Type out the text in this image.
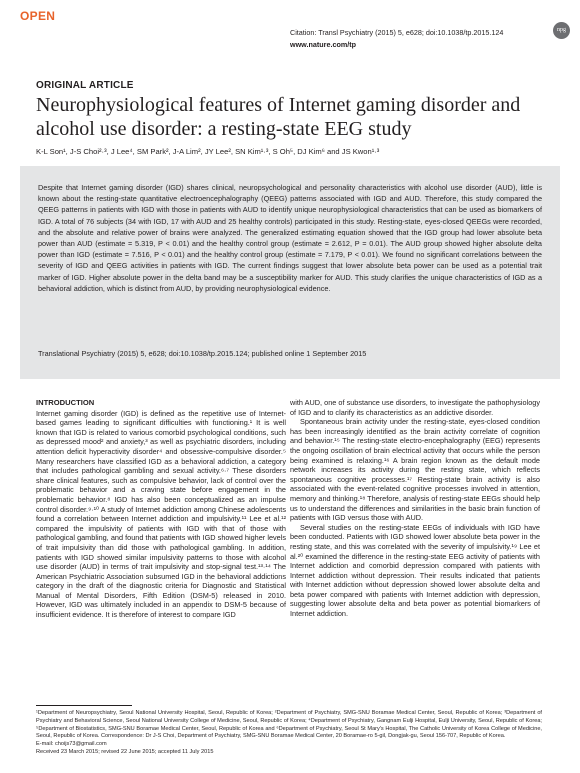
OPEN
Citation: Transl Psychiatry (2015) 5, e628; doi:10.1038/tp.2015.124
www.nature.com/tp
npg
ORIGINAL ARTICLE
Neurophysiological features of Internet gaming disorder and alcohol use disorder: a resting-state EEG study
K-L Son¹, J-S Choi²·³, J Lee⁴, SM Park², J-A Lim², JY Lee², SN Kim¹·³, S Oh⁵, DJ Kim⁶ and JS Kwon¹·³
Despite that Internet gaming disorder (IGD) shares clinical, neuropsychological and personality characteristics with alcohol use disorder (AUD), little is known about the resting-state quantitative electroencephalography (QEEG) patterns associated with IGD and AUD. Therefore, this study compared the QEEG patterns in patients with IGD with those in patients with AUD to identify unique neurophysiological characteristics that can be used as biomarkers of IGD. A total of 76 subjects (34 with IGD, 17 with AUD and 25 healthy controls) participated in this study. Resting-state, eyes-closed QEEGs were recorded, and the absolute and relative power of brains were analyzed. The generalized estimating equation showed that the IGD group had lower absolute beta power than AUD (estimate = 5.319, P < 0.01) and the healthy control group (estimate = 2.612, P = 0.01). The AUD group showed higher absolute delta power than IGD (estimate = 7.516, P < 0.01) and the healthy control group (estimate = 7.179, P < 0.01). We found no significant correlations between the severity of IGD and QEEG activities in patients with IGD. The current findings suggest that lower absolute beta power can be used as a potential trait marker of IGD. Higher absolute power in the delta band may be a susceptibility marker for AUD. This study clarifies the unique characteristics of IGD as a behavioral addiction, which is distinct from AUD, by providing neurophysiological evidence.
Translational Psychiatry (2015) 5, e628; doi:10.1038/tp.2015.124; published online 1 September 2015
INTRODUCTION

Internet gaming disorder (IGD) is defined as the repetitive use of Internet-based games leading to significant difficulties with functioning.¹ It is well known that IGD is related to various comorbid psychological conditions, such as depressed mood² and anxiety,³ as well as psychiatric disorders, including attention deficit hyperactivity disorder⁴ and obsessive-compulsive disorder.⁵ Many researchers have classified IGD as a behavioral addiction, a category that includes pathological gambling and sexual activity.⁶·⁷ These disorders share clinical features, such as compulsive behavior, lack of control over the problematic behavior and a craving state before engagement in the problematic behavior.⁸ IGD has also been conceptualized as an impulse control disorder.⁹·¹⁰ A study of Internet addiction among Chinese adolescents found a correlation between Internet addiction and impulsivity.¹¹ Lee et al.¹² compared the impulsivity of patients with IGD with that of those with pathological gambling, and found that patients with IGD showed higher levels of trait impulsivity than did those with pathological gambling. In addition, patients with IGD showed similar impulsivity patterns to those with alcohol use disorder (AUD) in terms of trait impulsivity and stop-signal test.¹³·¹⁴ The American Psychiatric Association subsumed IGD in the behavioral addictions category in the draft of the diagnostic criteria for Diagnostic and Statistical Manual of Mental Disorders, Fifth Edition (DSM-5) released in 2010. However, IGD was ultimately included in an appendix to DSM-5 because of insufficient evidence. It is therefore of interest to compare IGD

with AUD, one of substance use disorders, to investigate the pathophysiology of IGD and to clarify its characteristics as an addictive disorder.

Spontaneous brain activity under the resting-state, eyes-closed condition has been increasingly identified as the brain activity correlate of cognition and behavior.¹⁵ The resting-state electro-encephalography (EEG) represents the ongoing oscillation of brain electrical activity that occurs while the person being examined is relaxing.¹⁶ A brain region known as the default mode network increases its activity during the resting state, which reflects spontaneous cognitive processes.¹⁷ Resting-state brain activity is also associated with the event-related cognitive processes involved in attention, memory and thinking.¹⁸ Therefore, analysis of resting-state EEGs should help us to understand the differences and similarities in the basic brain function of patients with IGD versus those with AUD.

Several studies on the resting-state EEGs of individuals with IGD have been conducted. Patients with IGD showed lower absolute beta power in the resting state, and this was correlated with the severity of impulsivity.¹⁹ Lee et al.²⁰ examined the difference in the resting-state EEG activity of patients with Internet addiction and comorbid depression compared with patients with Internet addiction without depression. Their results indicated that patients with Internet addiction without depression showed lower absolute delta and beta power compared with patients with Internet addiction with depression, suggesting lower absolute delta and beta power as potential biomarkers of Internet addiction.

¹Department of Neuropsychiatry, Seoul National University Hospital, Seoul, Republic of Korea; ²Department of Psychiatry, SMG-SNU Boramae Medical Center, Seoul, Republic of Korea; ³Department of Psychiatry and Behavioral Science, Seoul National University College of Medicine, Seoul, Republic of Korea; ⁴Department of Psychiatry, Gangnam Eulji Hospital, Eulji University, Seoul, Republic of Korea; ⁵Department of Biostatistics, SMG-SNU Boramae Medical Center, Seoul, Republic of Korea and ⁶Department of Psychiatry, Seoul St Mary's Hospital, The Catholic University of Korea College of Medicine, Seoul, Republic of Korea. Correspondence: Dr J-S Choi, Department of Psychiatry, SMG-SNU Boramae Medical Center, 20 Boramae-ro 5-gil, Dongjak-gu, Seoul 156-707, Republic of Korea.

E-mail: choijs73@gmail.com

Received 23 March 2015; revised 22 June 2015; accepted 11 July 2015
